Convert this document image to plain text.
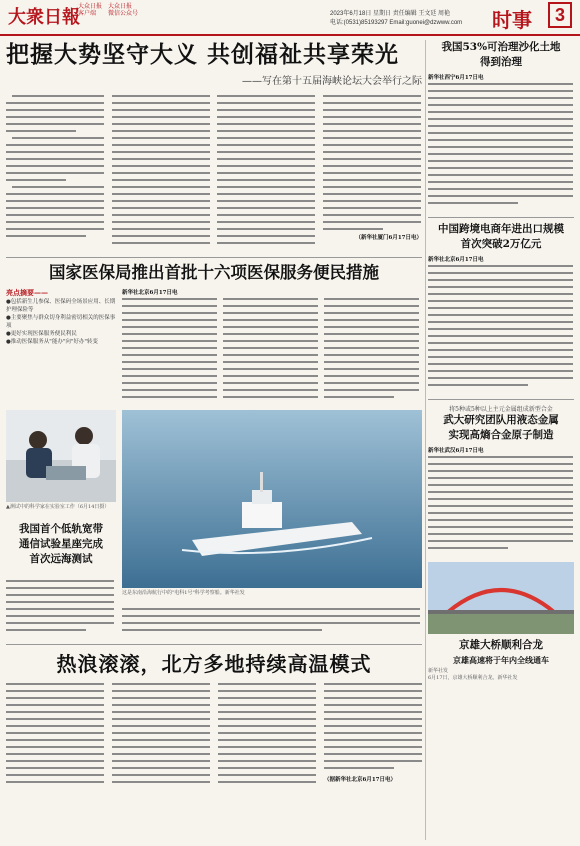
大衆日報
大众日报
客户端
大众日报
微信公众号	2023年6月18日 星期日 责任编辑 王文廷 周艳
电话:(0531)85193297 Email:guonei@dzwww.com 时事	3
把握大势坚守大义 共创福祉共享荣光
——写在第十五届海峡论坛大会举行之际
（新华社厦门6月17日电）
国家医保局推出首批十六项医保服务便民措施
亮点摘要——
●包括新生儿参保、医保码全场景应用、长期护理保险等
●主要聚焦与群众切身利益密切相关的医保事项
●更好实现医保服务便民利民
●推动医保服务从"能办"向"好办"转变
新华社北京6月17日电
▲测试中的科学家在实验室工作（6月14日摄）
这是东南沿海航行中的"电科1号"科学考察船。新华社发
我国首个低轨宽带
通信试验星座完成
首次远海测试
热浪滚滚，北方多地持续高温模式
（据新华社北京6月17日电）
我国53%可治理沙化土地
得到治理
新华社西宁6月17日电
中国跨境电商年进出口规模
首次突破2万亿元
新华社北京6月17日电
将5种或5种以上主元金属组成新型合金
武大研究团队用液态金属
实现高熵合金原子制造
新华社武汉6月17日电
京雄大桥顺利合龙
京雄高速将于年内全线通车
新华社发
6月17日，京雄大桥顺利合龙。新华社发
